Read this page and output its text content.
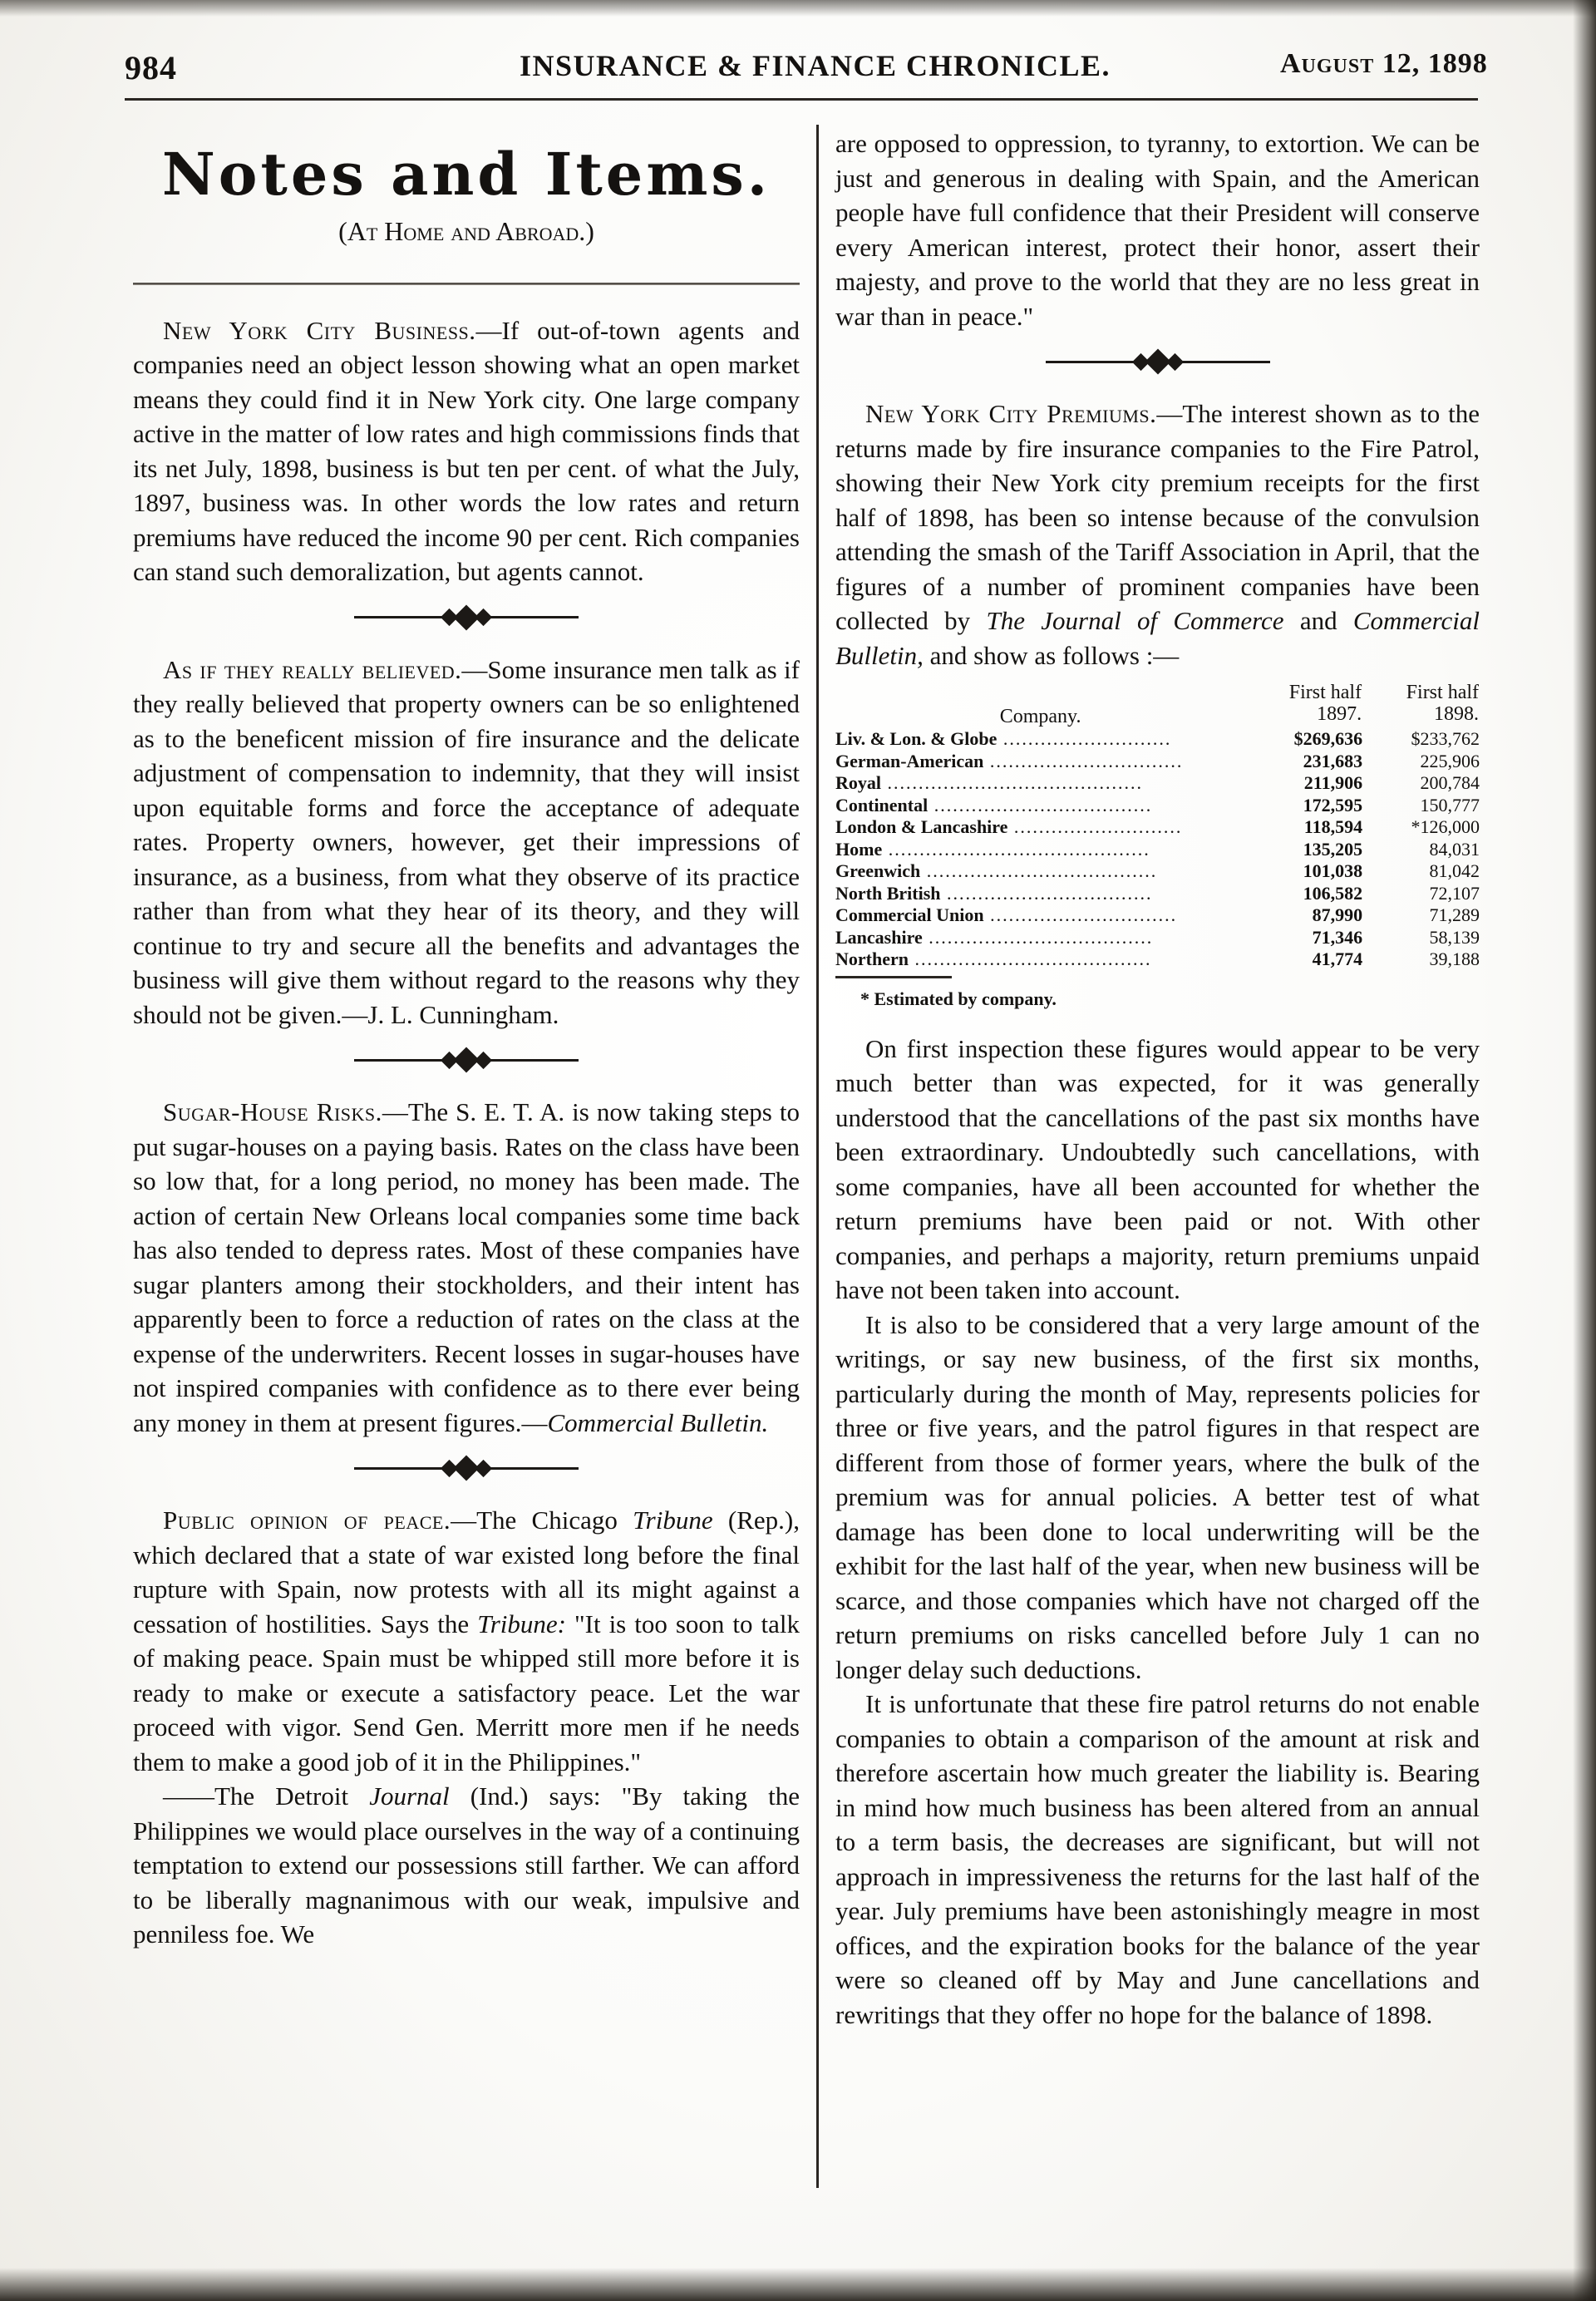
984	INSURANCE & FINANCE CHRONICLE.	August 12, 1898
Notes and Items.
(At Home and Abroad.)

New York City Business.—If out-of-town agents and companies need an object lesson showing what an open market means they could find it in New York city. One large company active in the matter of low rates and high commissions finds that its net July, 1898, business is but ten per cent. of what the July, 1897, business was. In other words the low rates and return premiums have reduced the income 90 per cent. Rich companies can stand such demoralization, but agents cannot.

As if they really believed.—Some insurance men talk as if they really believed that property owners can be so enlightened as to the beneficent mission of fire insurance and the delicate adjustment of compensation to indemnity, that they will insist upon equitable forms and force the acceptance of adequate rates. Property owners, however, get their impressions of insurance, as a business, from what they observe of its practice rather than from what they hear of its theory, and they will continue to try and secure all the benefits and advantages the business will give them without regard to the reasons why they should not be given.—J. L. Cunningham.

Sugar-House Risks.—The S. E. T. A. is now taking steps to put sugar-houses on a paying basis. Rates on the class have been so low that, for a long period, no money has been made. The action of certain New Orleans local companies some time back has also tended to depress rates. Most of these companies have sugar planters among their stockholders, and their intent has apparently been to force a reduction of rates on the class at the expense of the underwriters. Recent losses in sugar-houses have not inspired companies with confidence as to there ever being any money in them at present figures.—Commercial Bulletin.

Public opinion of peace.—The Chicago Tribune (Rep.), which declared that a state of war existed long before the final rupture with Spain, now protests with all its might against a cessation of hostilities. Says the Tribune: "It is too soon to talk of making peace. Spain must be whipped still more before it is ready to make or execute a satisfactory peace. Let the war proceed with vigor. Send Gen. Merritt more men if he needs them to make a good job of it in the Philippines."

——The Detroit Journal (Ind.) says: "By taking the Philippines we would place ourselves in the way of a continuing temptation to extend our possessions still farther. We can afford to be liberally magnanimous with our weak, impulsive and penniless foe. We

are opposed to oppression, to tyranny, to extortion. We can be just and generous in dealing with Spain, and the American people have full confidence that their President will conserve every American interest, protect their honor, assert their majesty, and prove to the world that they are no less great in war than in peace."

New York City Premiums.—The interest shown as to the returns made by fire insurance companies to the Fire Patrol, showing their New York city premium receipts for the first half of 1898, has been so intense because of the convulsion attending the smash of the Tariff Association in April, that the figures of a number of prominent companies have been collected by The Journal of Commerce and Commercial Bulletin, and show as follows :—

Company.	First half 1897.	First half 1898.
Liv. & Lon. & Globe ...........................	$269,636	$233,762
German-American ...............................	231,683	225,906
Royal .........................................	211,906	200,784
Continental ...................................	172,595	150,777
London & Lancashire ...........................	118,594	*126,000
Home ..........................................	135,205	84,031
Greenwich .....................................	101,038	81,042
North British .................................	106,582	72,107
Commercial Union ..............................	87,990	71,289
Lancashire ....................................	71,346	58,139
Northern ......................................	41,774	39,188
* Estimated by company.

On first inspection these figures would appear to be very much better than was expected, for it was generally understood that the cancellations of the past six months have been extraordinary. Undoubtedly such cancellations, with some companies, have all been accounted for whether the return premiums have been paid or not. With other companies, and perhaps a majority, return premiums unpaid have not been taken into account.

It is also to be considered that a very large amount of the writings, or say new business, of the first six months, particularly during the month of May, represents policies for three or five years, and the patrol figures in that respect are different from those of former years, where the bulk of the premium was for annual policies. A better test of what damage has been done to local underwriting will be the exhibit for the last half of the year, when new business will be scarce, and those companies which have not charged off the return premiums on risks cancelled before July 1 can no longer delay such deductions.

It is unfortunate that these fire patrol returns do not enable companies to obtain a comparison of the amount at risk and therefore ascertain how much greater the liability is. Bearing in mind how much business has been altered from an annual to a term basis, the decreases are significant, but will not approach in impressiveness the returns for the last half of the year. July premiums have been astonishingly meagre in most offices, and the expiration books for the balance of the year were so cleaned off by May and June cancellations and rewritings that they offer no hope for the balance of 1898.
